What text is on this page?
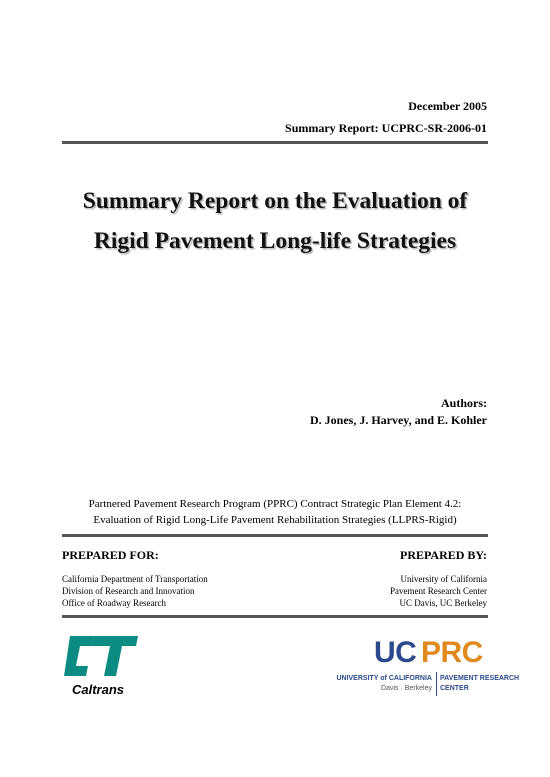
December 2005
Summary Report: UCPRC-SR-2006-01
Summary Report on the Evaluation of
Rigid Pavement Long-life Strategies
Authors:
D. Jones, J. Harvey, and E. Kohler
Partnered Pavement Research Program (PPRC) Contract Strategic Plan Element 4.2:
Evaluation of Rigid Long-Life Pavement Rehabilitation Strategies (LLPRS-Rigid)
PREPARED FOR:	PREPARED BY:
California Department of Transportation
Division of Research and Innovation
Office of Roadway Research
University of California
Pavement Research Center
UC Davis, UC Berkeley
Caltrans
UC PRC
UNIVERSITY of CALIFORNIA
Davis · Berkeley
PAVEMENT RESEARCH
CENTER
